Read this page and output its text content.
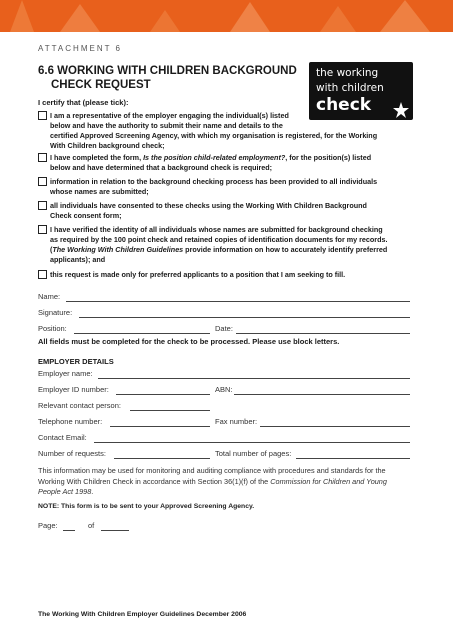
ATTACHMENT 6
6.6 WORKING WITH CHILDREN BACKGROUND
CHECK REQUEST
the working
with children
check
I certify that (please tick):
I am a representative of the employer engaging the individual(s) listed
below and have the authority to submit their name and details to the
certified Approved Screening Agency, with which my organisation is registered, for the Working
With Children background check;
I have completed the form, Is the position child-related employment?, for the position(s) listed
below and have determined that a background check is required;
information in relation to the background checking process has been provided to all individuals
whose names are submitted;
all individuals have consented to these checks using the Working With Children Background
Check consent form;
I have verified the identity of all individuals whose names are submitted for background checking
as required by the 100 point check and retained copies of identification documents for my records.
(The Working With Children Guidelines provide information on how to accurately identify preferred
applicants); and
this request is made only for preferred applicants to a position that I am seeking to fill.
Name:
Signature:
Position:	Date:
All fields must be completed for the check to be processed. Please use block letters.
EMPLOYER DETAILS
Employer name:
Employer ID number:	ABN:
Relevant contact person:
Telephone number:	Fax number:
Contact Email:
Number of requests:	Total number of pages:
This information may be used for monitoring and auditing compliance with procedures and standards for the
Working With Children Check in accordance with Section 36(1)(f) of the Commission for Children and Young
People Act 1998.
NOTE: This form is to be sent to your Approved Screening Agency.
Page:	of
The Working With Children Employer Guidelines December 2006
